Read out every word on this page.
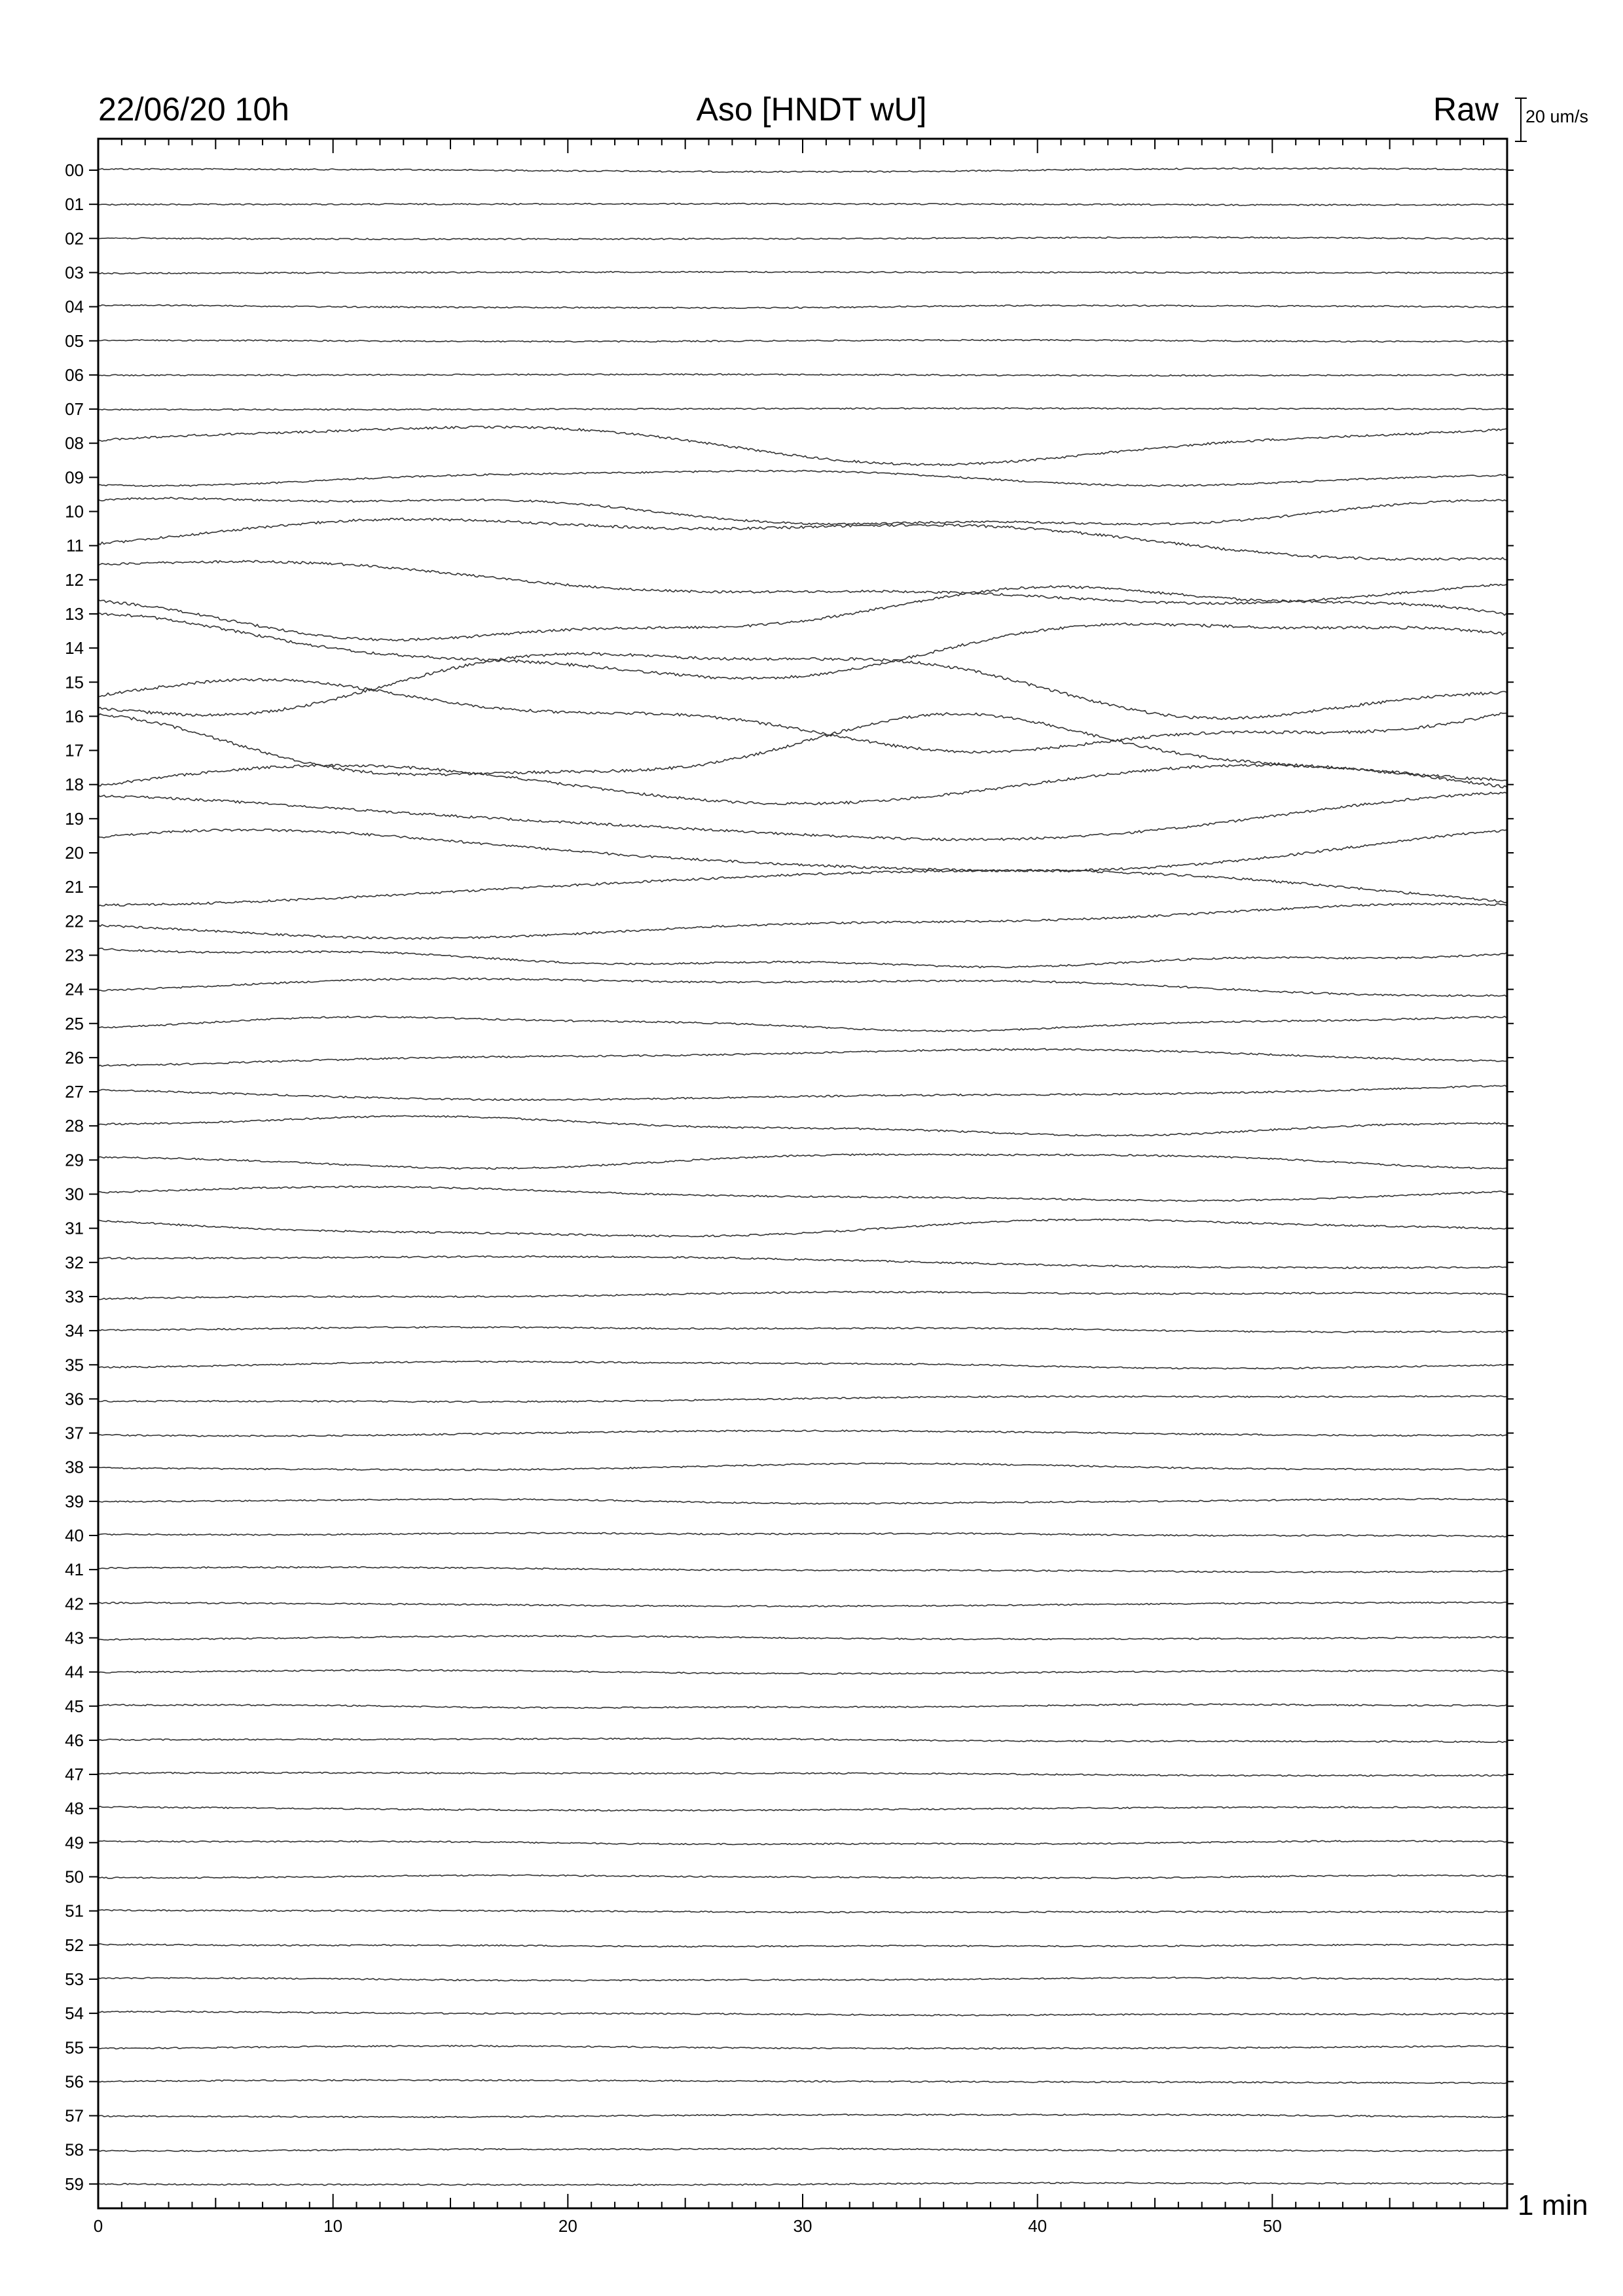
00
01
02
03
04
05
06
07
08
09
10
11
12
13
14
15
16
17
18
19
20
21
22
23
24
25
26
27
28
29
30
31
32
33
34
35
36
37
38
39
40
41
42
43
44
45
46
47
48
49
50
51
52
53
54
55
56
57
58
59
0	10	20	30	40	50
22/06/20 10h	Aso [HNDT wU]	Raw 20 um/s
1 min
